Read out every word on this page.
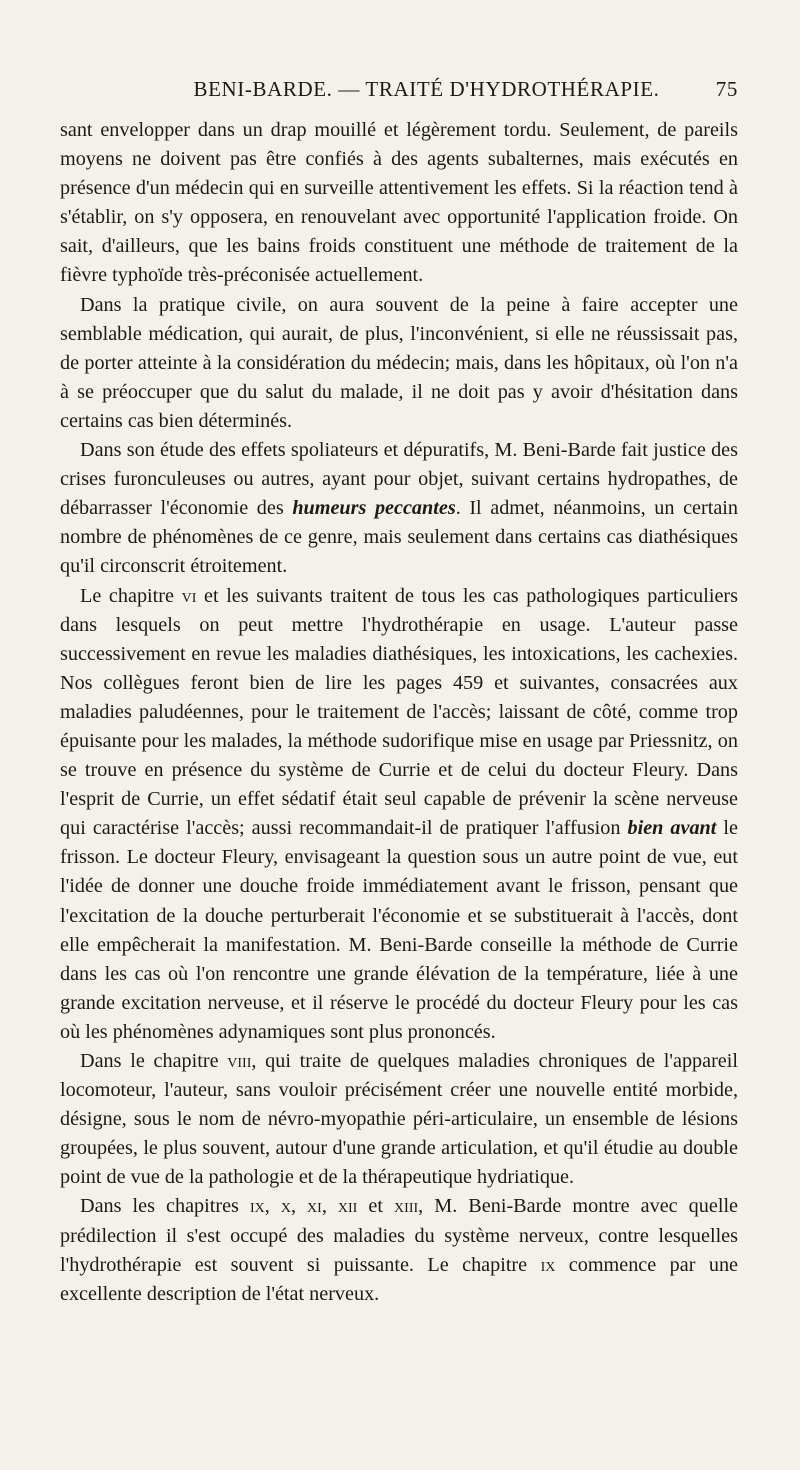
BENI-BARDE. — TRAITÉ D'HYDROTHÉRAPIE.	75

sant envelopper dans un drap mouillé et légèrement tordu. Seulement, de pareils moyens ne doivent pas être confiés à des agents subalternes, mais exécutés en présence d'un médecin qui en surveille attentivement les effets. Si la réaction tend à s'établir, on s'y opposera, en renouvelant avec opportunité l'application froide. On sait, d'ailleurs, que les bains froids constituent une méthode de traitement de la fièvre typhoïde très-préconisée actuellement.

Dans la pratique civile, on aura souvent de la peine à faire accepter une semblable médication, qui aurait, de plus, l'inconvénient, si elle ne réussissait pas, de porter atteinte à la considération du médecin; mais, dans les hôpitaux, où l'on n'a à se préoccuper que du salut du malade, il ne doit pas y avoir d'hésitation dans certains cas bien déterminés.

Dans son étude des effets spoliateurs et dépuratifs, M. Beni-Barde fait justice des crises furonculeuses ou autres, ayant pour objet, suivant certains hydropathes, de débarrasser l'économie des humeurs peccantes. Il admet, néanmoins, un certain nombre de phénomènes de ce genre, mais seulement dans certains cas diathésiques qu'il circonscrit étroitement.

Le chapitre vi et les suivants traitent de tous les cas pathologiques particuliers dans lesquels on peut mettre l'hydrothérapie en usage. L'auteur passe successivement en revue les maladies diathésiques, les intoxications, les cachexies. Nos collègues feront bien de lire les pages 459 et suivantes, consacrées aux maladies paludéennes, pour le traitement de l'accès; laissant de côté, comme trop épuisante pour les malades, la méthode sudorifique mise en usage par Priessnitz, on se trouve en présence du système de Currie et de celui du docteur Fleury. Dans l'esprit de Currie, un effet sédatif était seul capable de prévenir la scène nerveuse qui caractérise l'accès; aussi recommandait-il de pratiquer l'affusion bien avant le frisson. Le docteur Fleury, envisageant la question sous un autre point de vue, eut l'idée de donner une douche froide immédiatement avant le frisson, pensant que l'excitation de la douche perturberait l'économie et se substituerait à l'accès, dont elle empêcherait la manifestation. M. Beni-Barde conseille la méthode de Currie dans les cas où l'on rencontre une grande élévation de la température, liée à une grande excitation nerveuse, et il réserve le procédé du docteur Fleury pour les cas où les phénomènes adynamiques sont plus prononcés.

Dans le chapitre viii, qui traite de quelques maladies chroniques de l'appareil locomoteur, l'auteur, sans vouloir précisément créer une nouvelle entité morbide, désigne, sous le nom de névro-myopathie péri-articulaire, un ensemble de lésions groupées, le plus souvent, autour d'une grande articulation, et qu'il étudie au double point de vue de la pathologie et de la thérapeutique hydriatique.

Dans les chapitres ix, x, xi, xii et xiii, M. Beni-Barde montre avec quelle prédilection il s'est occupé des maladies du système nerveux, contre lesquelles l'hydrothérapie est souvent si puissante. Le chapitre ix commence par une excellente description de l'état nerveux.
